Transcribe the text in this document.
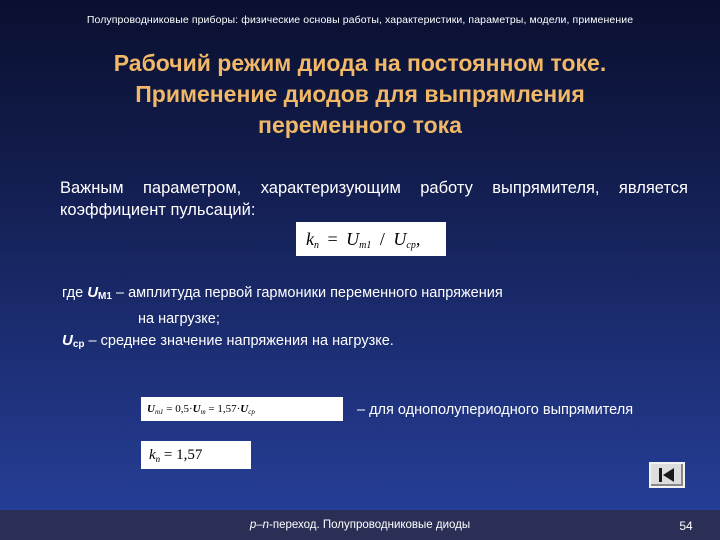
Полупроводниковые приборы: физические основы работы, характеристики, параметры, модели, применение
Рабочий режим диода на постоянном токе.
Применение диодов для выпрямления
переменного тока
Важным параметром, характеризующим работу выпрямителя, является коэффициент пульсаций:
$k_п = U_{m1} / U_{ср}$,
где UМ1 – амплитуда первой гармоники переменного напряжения
на нагрузке;
Uср – среднее значение напряжения на нагрузке.
$U_{m1} = 0,5\cdot U_m = 1,57\cdot U_{ср}$	– для однополупериодного выпрямителя
$k_п = 1,57$
p–n-переход. Полупроводниковые диоды	54
